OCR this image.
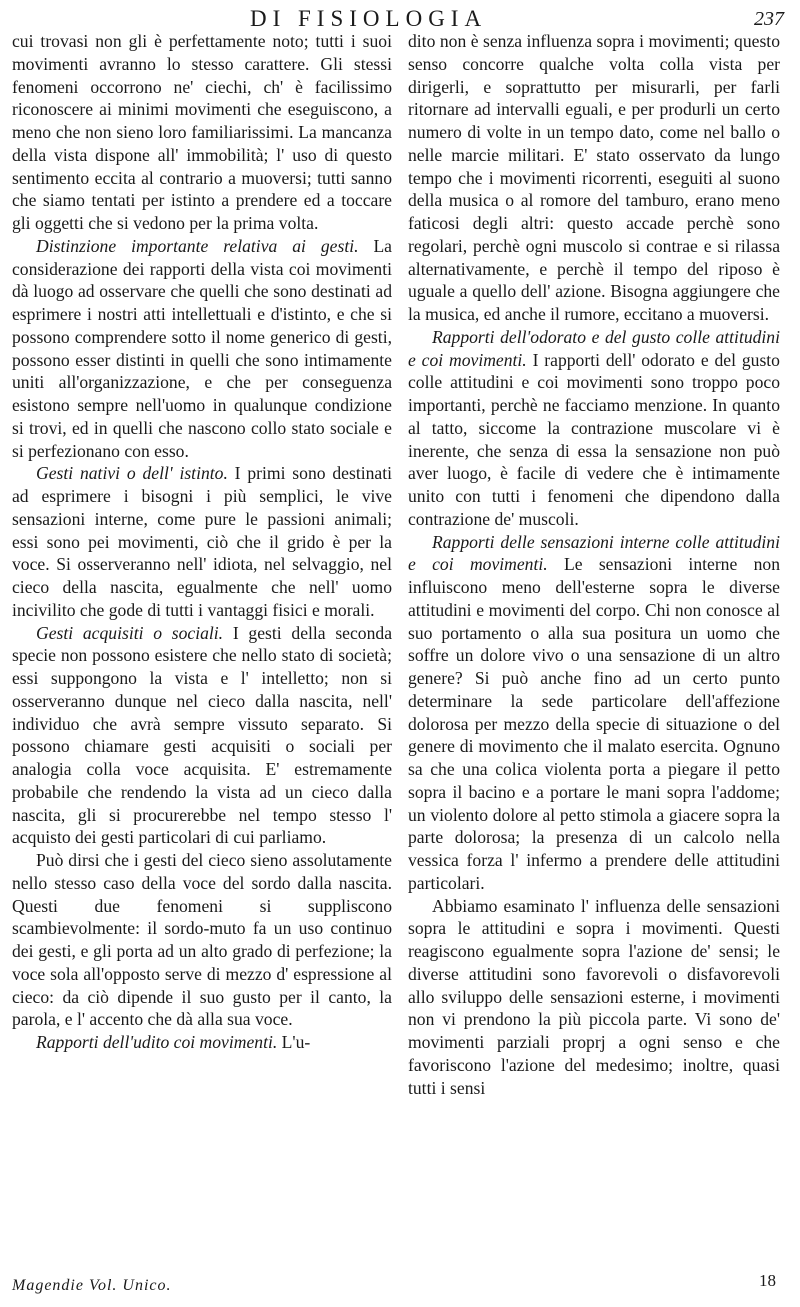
DI FISIOLOGIA	237

cui trovasi non gli è perfettamente noto; tutti i suoi movimenti avranno lo stesso carattere. Gli stessi fenomeni occorrono ne' ciechi, ch' è facilissimo riconoscere ai minimi movimenti che eseguiscono, a meno che non sieno loro familiarissimi. La mancanza della vista dispone all' immobilità; l' uso di questo sentimento eccita al contrario a muoversi; tutti sanno che siamo tentati per istinto a prendere ed a toccare gli oggetti che si vedono per la prima volta.

Distinzione importante relativa ai gesti. La considerazione dei rapporti della vista coi movimenti dà luogo ad osservare che quelli che sono destinati ad esprimere i nostri atti intellettuali e d'istinto, e che si possono comprendere sotto il nome generico di gesti, possono esser distinti in quelli che sono intimamente uniti all'organizzazione, e che per conseguenza esistono sempre nell'uomo in qualunque condizione si trovi, ed in quelli che nascono collo stato sociale e si perfezionano con esso.

Gesti nativi o dell' istinto. I primi sono destinati ad esprimere i bisogni i più semplici, le vive sensazioni interne, come pure le passioni animali; essi sono pei movimenti, ciò che il grido è per la voce. Si osserveranno nell' idiota, nel selvaggio, nel cieco della nascita, egualmente che nell' uomo incivilito che gode di tutti i vantaggi fisici e morali.

Gesti acquisiti o sociali. I gesti della seconda specie non possono esistere che nello stato di società; essi suppongono la vista e l' intelletto; non si osserveranno dunque nel cieco dalla nascita, nell' individuo che avrà sempre vissuto separato. Si possono chiamare gesti acquisiti o sociali per analogia colla voce acquisita. E' estremamente probabile che rendendo la vista ad un cieco dalla nascita, gli si procurerebbe nel tempo stesso l' acquisto dei gesti particolari di cui parliamo.

Può dirsi che i gesti del cieco sieno assolutamente nello stesso caso della voce del sordo dalla nascita. Questi due fenomeni si suppliscono scambievolmente: il sordo-muto fa un uso continuo dei gesti, e gli porta ad un alto grado di perfezione; la voce sola all'opposto serve di mezzo d' espressione al cieco: da ciò dipende il suo gusto per il canto, la parola, e l' accento che dà alla sua voce.

Rapporti dell'udito coi movimenti. L'u-

dito non è senza influenza sopra i movimenti; questo senso concorre qualche volta colla vista per dirigerli, e soprattutto per misurarli, per farli ritornare ad intervalli eguali, e per produrli un certo numero di volte in un tempo dato, come nel ballo o nelle marcie militari. E' stato osservato da lungo tempo che i movimenti ricorrenti, eseguiti al suono della musica o al romore del tamburo, erano meno faticosi degli altri: questo accade perchè sono regolari, perchè ogni muscolo si contrae e si rilassa alternativamente, e perchè il tempo del riposo è uguale a quello dell' azione. Bisogna aggiungere che la musica, ed anche il rumore, eccitano a muoversi.

Rapporti dell'odorato e del gusto colle attitudini e coi movimenti. I rapporti dell' odorato e del gusto colle attitudini e coi movimenti sono troppo poco importanti, perchè ne facciamo menzione. In quanto al tatto, siccome la contrazione muscolare vi è inerente, che senza di essa la sensazione non può aver luogo, è facile di vedere che è intimamente unito con tutti i fenomeni che dipendono dalla contrazione de' muscoli.

Rapporti delle sensazioni interne colle attitudini e coi movimenti. Le sensazioni interne non influiscono meno dell'esterne sopra le diverse attitudini e movimenti del corpo. Chi non conosce al suo portamento o alla sua positura un uomo che soffre un dolore vivo o una sensazione di un altro genere? Si può anche fino ad un certo punto determinare la sede particolare dell'affezione dolorosa per mezzo della specie di situazione o del genere di movimento che il malato esercita. Ognuno sa che una colica violenta porta a piegare il petto sopra il bacino e a portare le mani sopra l'addome; un violento dolore al petto stimola a giacere sopra la parte dolorosa; la presenza di un calcolo nella vessica forza l' infermo a prendere delle attitudini particolari.

Abbiamo esaminato l' influenza delle sensazioni sopra le attitudini e sopra i movimenti. Questi reagiscono egualmente sopra l'azione de' sensi; le diverse attitudini sono favorevoli o disfavorevoli allo sviluppo delle sensazioni esterne, i movimenti non vi prendono la più piccola parte. Vi sono de' movimenti parziali proprj a ogni senso e che favoriscono l'azione del medesimo; inoltre, quasi tutti i sensi

Magendie Vol. Unico.	18
